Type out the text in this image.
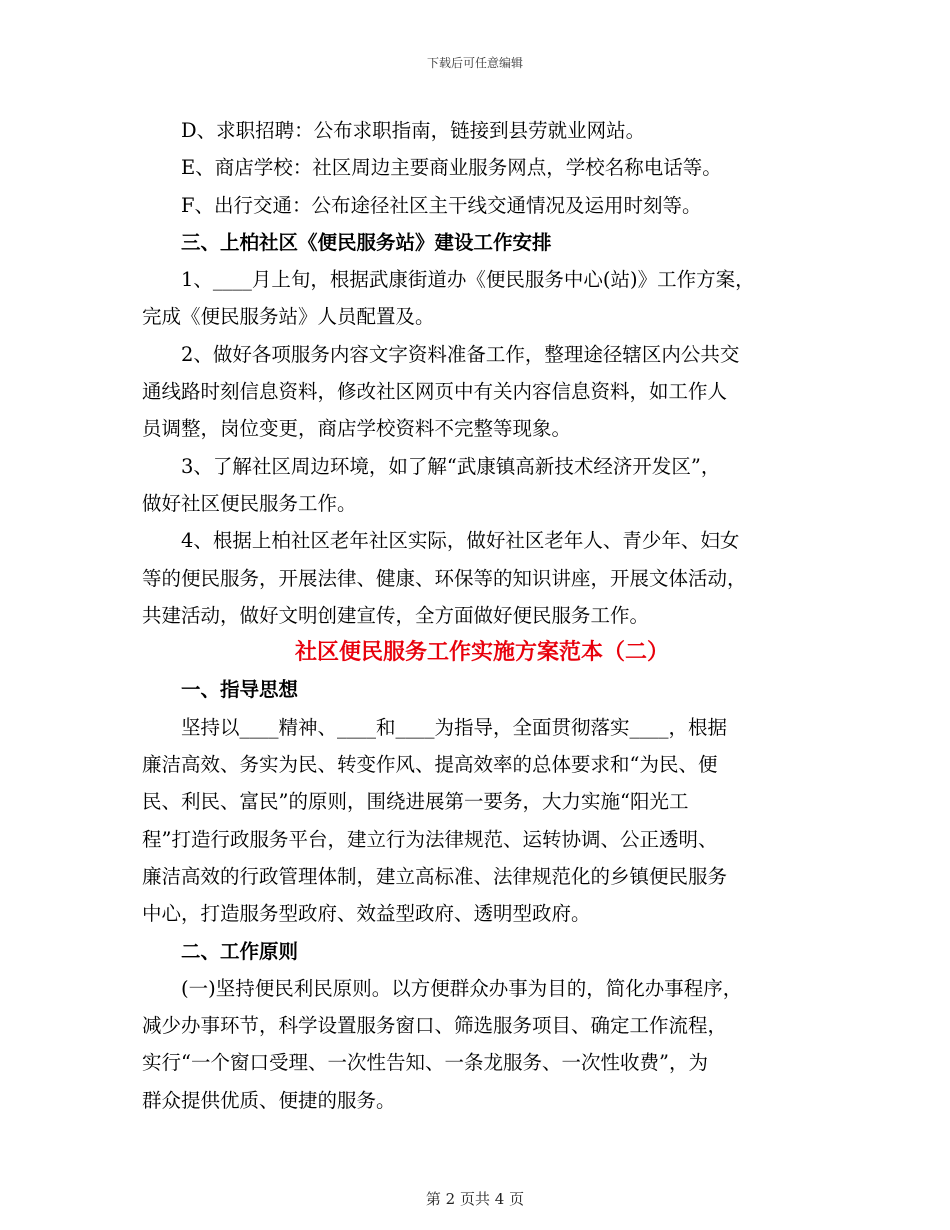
下载后可任意编辑

D、求职招聘：公布求职指南，链接到县劳就业网站。

E、商店学校：社区周边主要商业服务网点，学校名称电话等。

F、出行交通：公布途径社区主干线交通情况及运用时刻等。

三、上柏社区《便民服务站》建设工作安排

1、____月上旬，根据武康街道办《便民服务中心(站)》工作方案，

完成《便民服务站》人员配置及。

2、做好各项服务内容文字资料准备工作，整理途径辖区内公共交

通线路时刻信息资料，修改社区网页中有关内容信息资料，如工作人

员调整，岗位变更，商店学校资料不完整等现象。

3、了解社区周边环境，如了解“武康镇高新技术经济开发区”，

做好社区便民服务工作。

4、根据上柏社区老年社区实际，做好社区老年人、青少年、妇女

等的便民服务，开展法律、健康、环保等的知识讲座，开展文体活动，

共建活动，做好文明创建宣传，全方面做好便民服务工作。

社区便民服务工作实施方案范本（二）

一、指导思想

坚持以____精神、____和____为指导，全面贯彻落实____，根据

廉洁高效、务实为民、转变作风、提高效率的总体要求和“为民、便

民、利民、富民”的原则，围绕进展第一要务，大力实施“阳光工

程”打造行政服务平台，建立行为法律规范、运转协调、公正透明、

廉洁高效的行政管理体制，建立高标准、法律规范化的乡镇便民服务

中心，打造服务型政府、效益型政府、透明型政府。

二、工作原则

(一)坚持便民利民原则。以方便群众办事为目的，简化办事程序，

减少办事环节，科学设置服务窗口、筛选服务项目、确定工作流程，

实行“一个窗口受理、一次性告知、一条龙服务、一次性收费”，为

群众提供优质、便捷的服务。

第 2 页共 4 页
